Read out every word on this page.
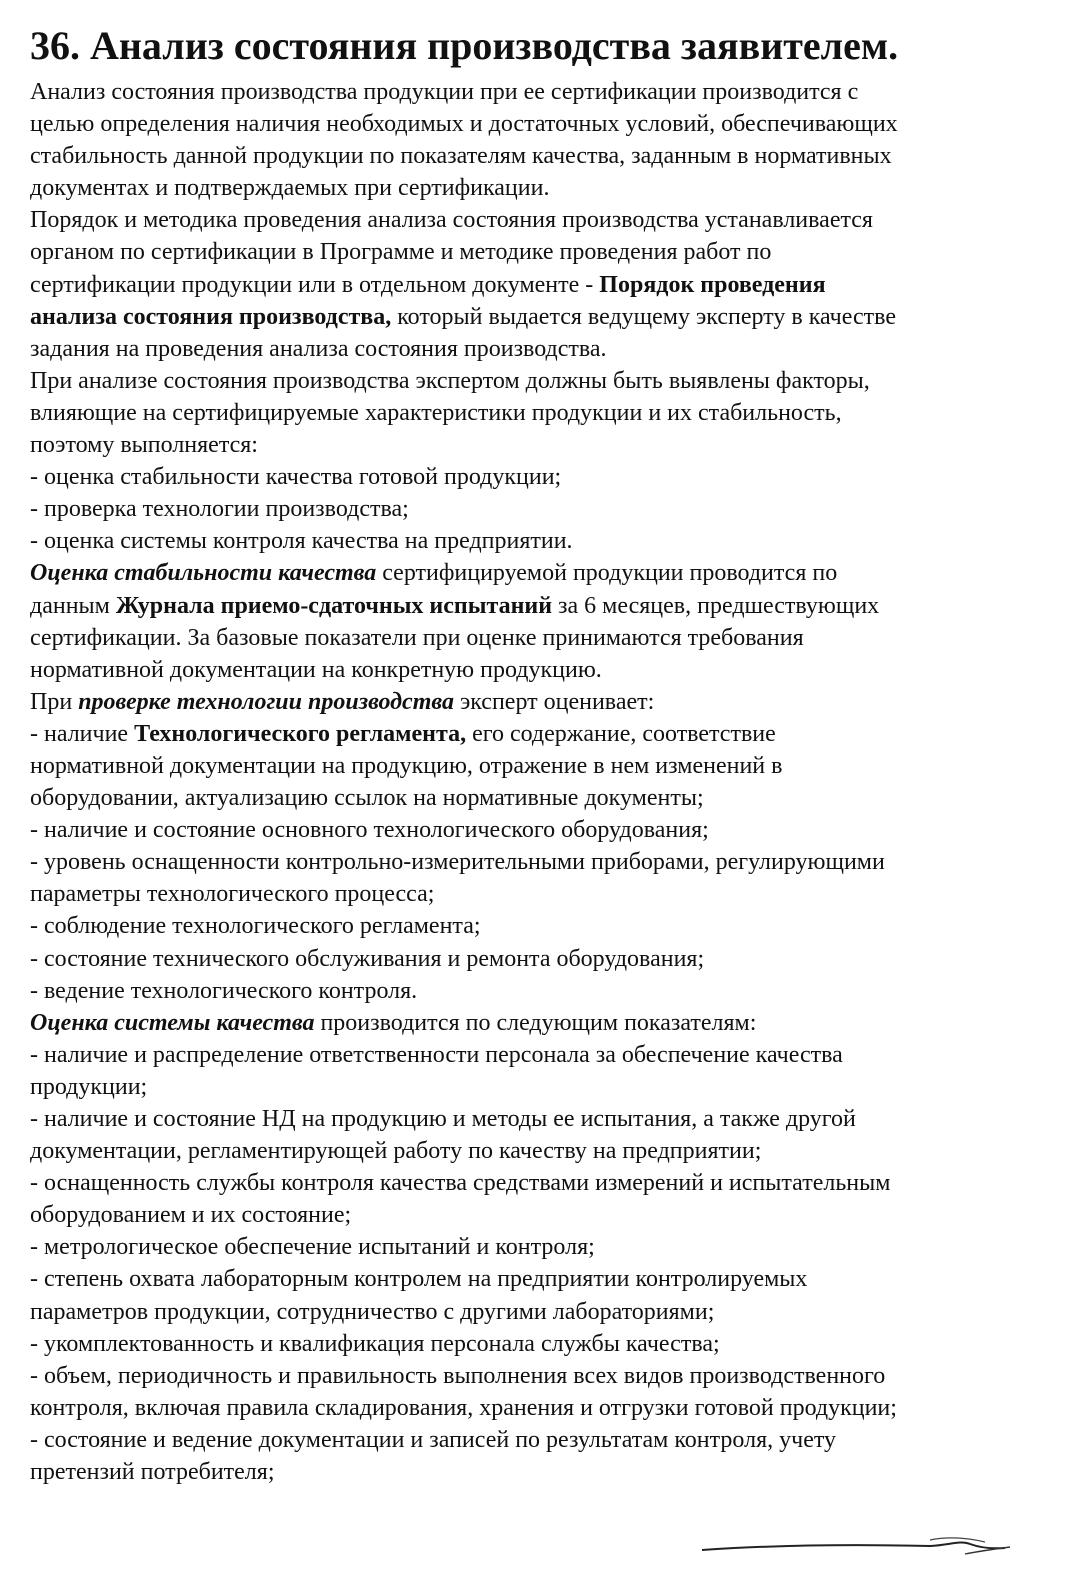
36. Анализ состояния производства заявителем.
Анализ состояния производства продукции при ее сертификации производится с
целью определения наличия необходимых и достаточных условий, обеспечивающих
стабильность данной продукции по показателям качества, заданным в нормативных
документах и подтверждаемых при сертификации.
Порядок и методика проведения анализа состояния производства устанавливается
органом по сертификации в Программе и методике проведения работ по
сертификации продукции или в отдельном документе - Порядок проведения
анализа состояния производства, который выдается ведущему эксперту в качестве
задания на проведения анализа состояния производства.
При анализе состояния производства экспертом должны быть выявлены факторы,
влияющие на сертифицируемые характеристики продукции и их стабильность,
поэтому выполняется:
- оценка стабильности качества готовой продукции;
- проверка технологии производства;
- оценка системы контроля качества на предприятии.
Оценка стабильности качества сертифицируемой продукции проводится по
данным Журнала приемо-сдаточных испытаний за 6 месяцев, предшествующих
сертификации. За базовые показатели при оценке принимаются требования
нормативной документации на конкретную продукцию.
При проверке технологии производства эксперт оценивает:
- наличие Технологического регламента, его содержание, соответствие
нормативной документации на продукцию, отражение в нем изменений в
оборудовании, актуализацию ссылок на нормативные документы;
- наличие и состояние основного технологического оборудования;
- уровень оснащенности контрольно-измерительными приборами, регулирующими
параметры технологического процесса;
- соблюдение технологического регламента;
- состояние технического обслуживания и ремонта оборудования;
- ведение технологического контроля.
Оценка системы качества производится по следующим показателям:
- наличие и распределение ответственности персонала за обеспечение качества
продукции;
- наличие и состояние НД на продукцию и методы ее испытания, а также другой
документации, регламентирующей работу по качеству на предприятии;
- оснащенность службы контроля качества средствами измерений и испытательным
оборудованием и их состояние;
- метрологическое обеспечение испытаний и контроля;
- степень охвата лабораторным контролем на предприятии контролируемых
параметров продукции, сотрудничество с другими лабораториями;
- укомплектованность и квалификация персонала службы качества;
- объем, периодичность и правильность выполнения всех видов производственного
контроля, включая правила складирования, хранения и отгрузки готовой продукции;
- состояние и ведение документации и записей по результатам контроля, учету
претензий потребителя;
